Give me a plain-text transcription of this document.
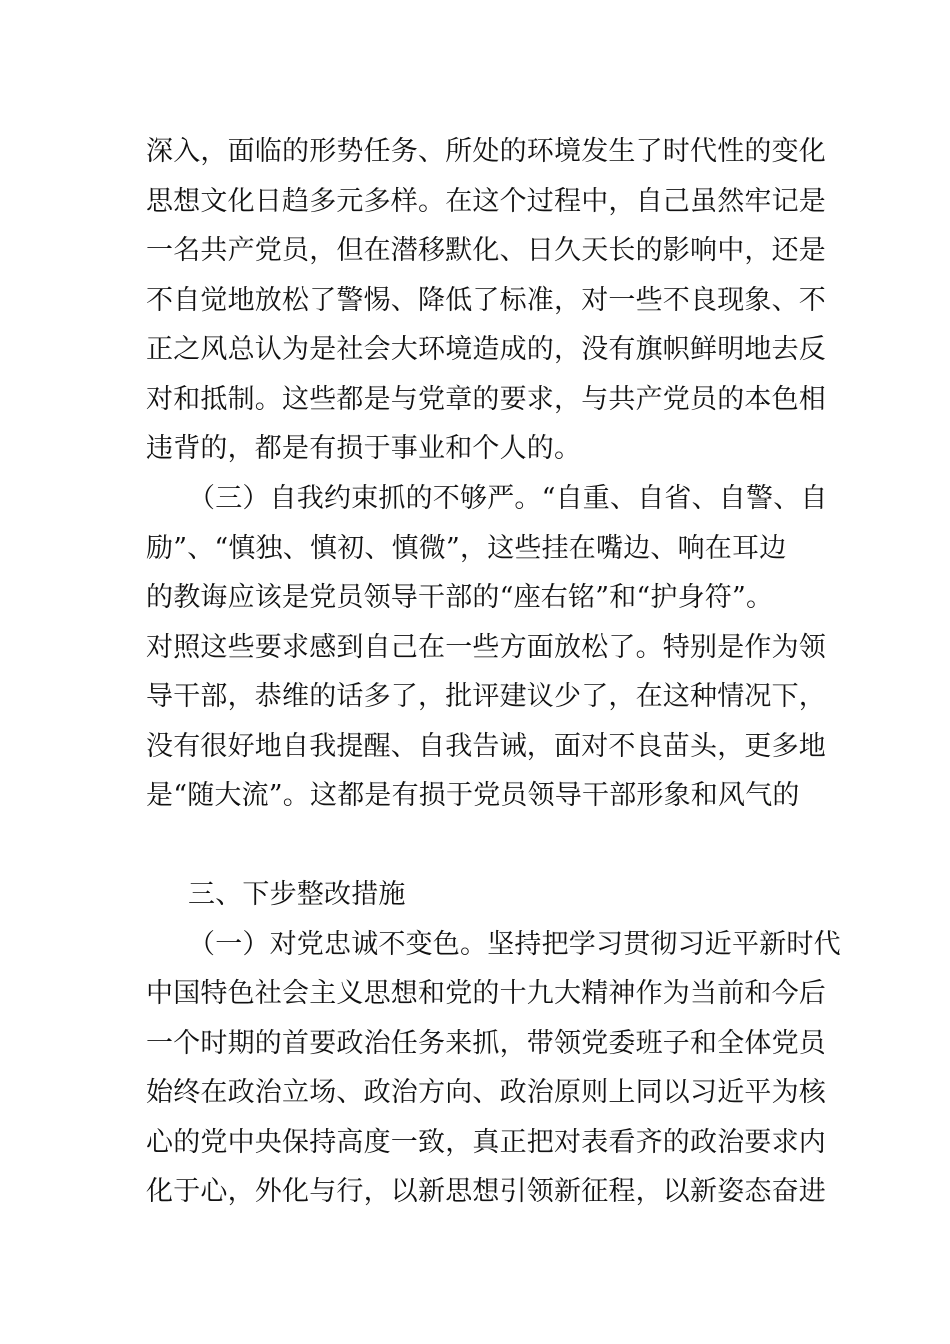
深入，面临的形势任务、所处的环境发生了时代性的变化
思想文化日趋多元多样。在这个过程中，自己虽然牢记是
一名共产党员，但在潜移默化、日久天长的影响中，还是
不自觉地放松了警惕、降低了标准，对一些不良现象、不
正之风总认为是社会大环境造成的，没有旗帜鲜明地去反
对和抵制。这些都是与党章的要求，与共产党员的本色相
违背的，都是有损于事业和个人的。
（三）自我约束抓的不够严。“自重、自省、自警、自
励”、“慎独、慎初、慎微”，这些挂在嘴边、响在耳边
的教诲应该是党员领导干部的“座右铭”和“护身符”。
对照这些要求感到自己在一些方面放松了。特别是作为领
导干部，恭维的话多了，批评建议少了，在这种情况下，
没有很好地自我提醒、自我告诫，面对不良苗头，更多地
是“随大流”。这都是有损于党员领导干部形象和风气的
三、下步整改措施
（一）对党忠诚不变色。坚持把学习贯彻习近平新时代
中国特色社会主义思想和党的十九大精神作为当前和今后
一个时期的首要政治任务来抓，带领党委班子和全体党员
始终在政治立场、政治方向、政治原则上同以习近平为核
心的党中央保持高度一致，真正把对表看齐的政治要求内
化于心，外化与行，以新思想引领新征程，以新姿态奋进
